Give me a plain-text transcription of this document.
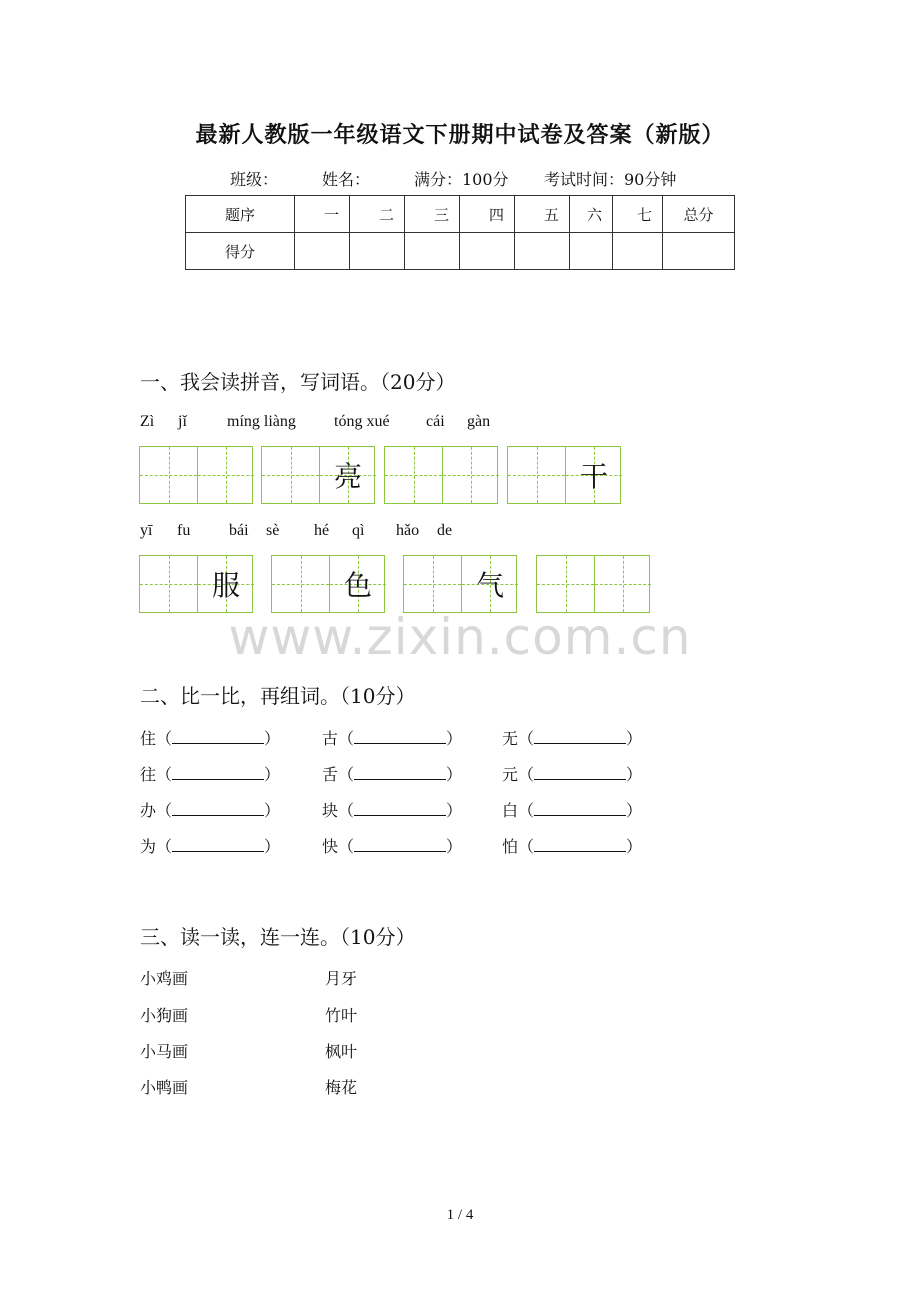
最新人教版一年级语文下册期中试卷及答案（新版）
班级：	姓名：	满分：100分 考试时间：90分钟
题序	一	二	三	四	五	六	七	总分
得分								
一、我会读拼音，写词语。（20分）
Zì jǐ	míng liàng tóng xué cái gàn
亮	干
yī fu bái sè hé qì hǎo de
服	色	气
www.zixin.com.cn
二、比一比，再组词。（10分）
住（	）	古（	） 无（	）
往（	）	舌（	） 元（	）
办（	）	块（	） 白（	）
为（	）	快（	） 怕（	）
三、读一读，连一连。（10分）
小鸡画	月牙
小狗画	竹叶
小马画	枫叶
小鸭画	梅花
1 / 4
